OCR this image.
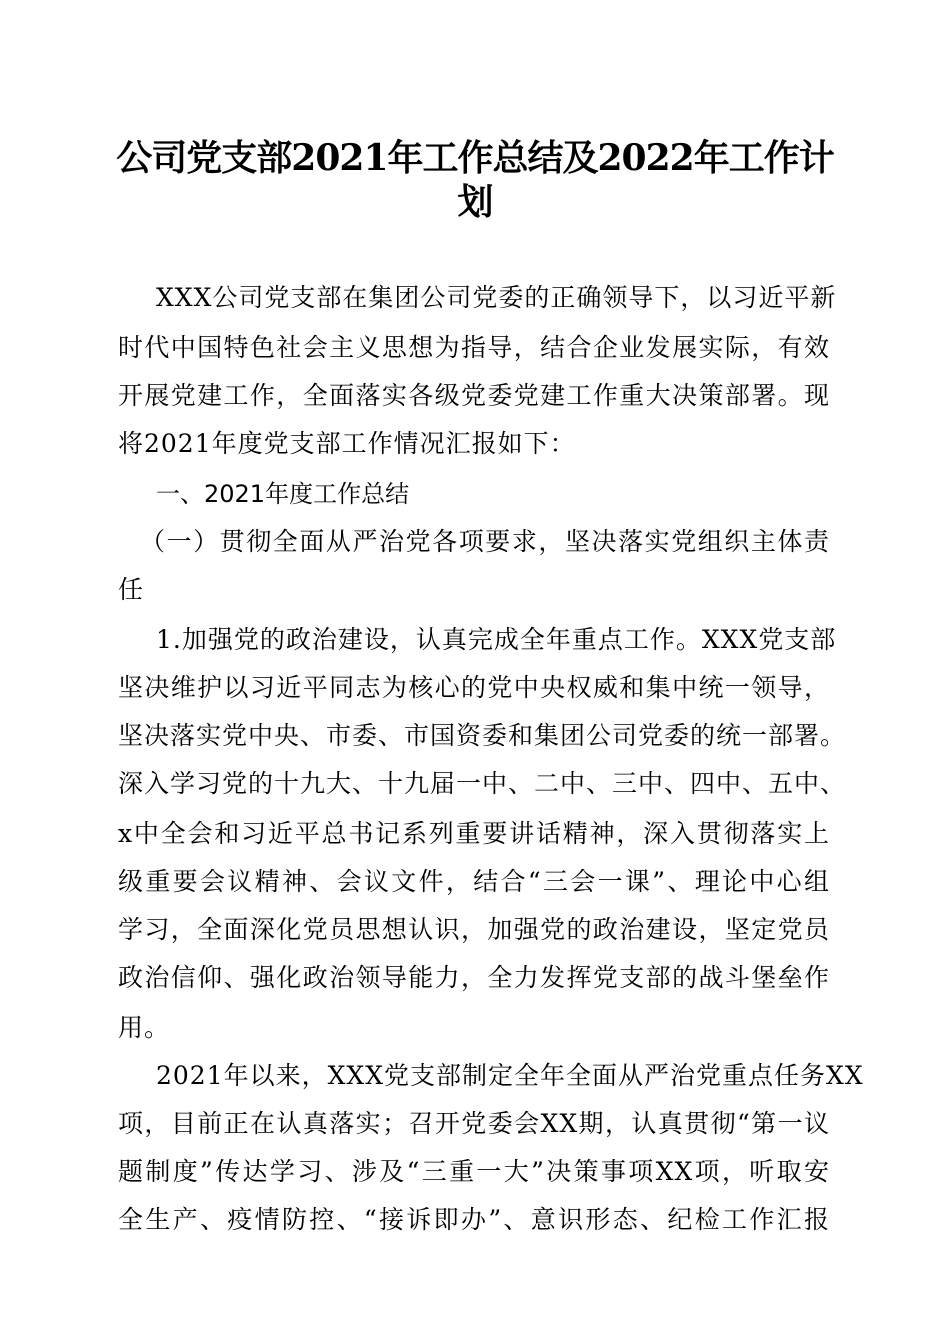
公司党支部2021年工作总结及2022年工作计
划
XXX公司党支部在集团公司党委的正确领导下，以习近平新
时代中国特色社会主义思想为指导，结合企业发展实际，有效
开展党建工作，全面落实各级党委党建工作重大决策部署。现
将2021年度党支部工作情况汇报如下：
一、2021年度工作总结
（一）贯彻全面从严治党各项要求，坚决落实党组织主体责
任
1.加强党的政治建设，认真完成全年重点工作。XXX党支部
坚决维护以习近平同志为核心的党中央权威和集中统一领导，
坚决落实党中央、市委、市国资委和集团公司党委的统一部署。
深入学习党的十九大、十九届一中、二中、三中、四中、五中、
x中全会和习近平总书记系列重要讲话精神，深入贯彻落实上
级重要会议精神、会议文件，结合“三会一课”、理论中心组
学习，全面深化党员思想认识，加强党的政治建设，坚定党员
政治信仰、强化政治领导能力，全力发挥党支部的战斗堡垒作
用。
2021年以来，XXX党支部制定全年全面从严治党重点任务XX
项，目前正在认真落实；召开党委会XX期，认真贯彻“第一议
题制度”传达学习、涉及“三重一大”决策事项XX项，听取安
全生产、疫情防控、“接诉即办”、意识形态、纪检工作汇报
